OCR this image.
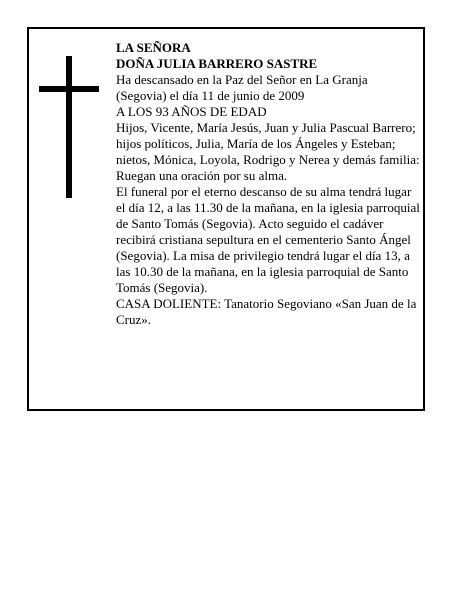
LA SEÑORA

DOÑA JULIA BARRERO SASTRE

Ha descansado en la Paz del Señor en La Granja (Segovia) el día 11 de junio de 2009

A LOS 93 AÑOS DE EDAD

Hijos, Vicente, María Jesús, Juan y Julia Pascual Barrero; hijos políticos, Julia, María de los Ángeles y Esteban; nietos, Mónica, Loyola, Rodrigo y Nerea y demás familia:

Ruegan una oración por su alma.

El funeral por el eterno descanso de su alma tendrá lugar el día 12, a las 11.30 de la mañana, en la iglesia parroquial de Santo Tomás (Segovia). Acto seguido el cadáver recibirá cristiana sepultura en el cementerio Santo Ángel (Segovia). La misa de privilegio tendrá lugar el día 13, a las 10.30 de la mañana, en la iglesia parroquial de Santo Tomás (Segovia).

CASA DOLIENTE: Tanatorio Segoviano «San Juan de la Cruz».
